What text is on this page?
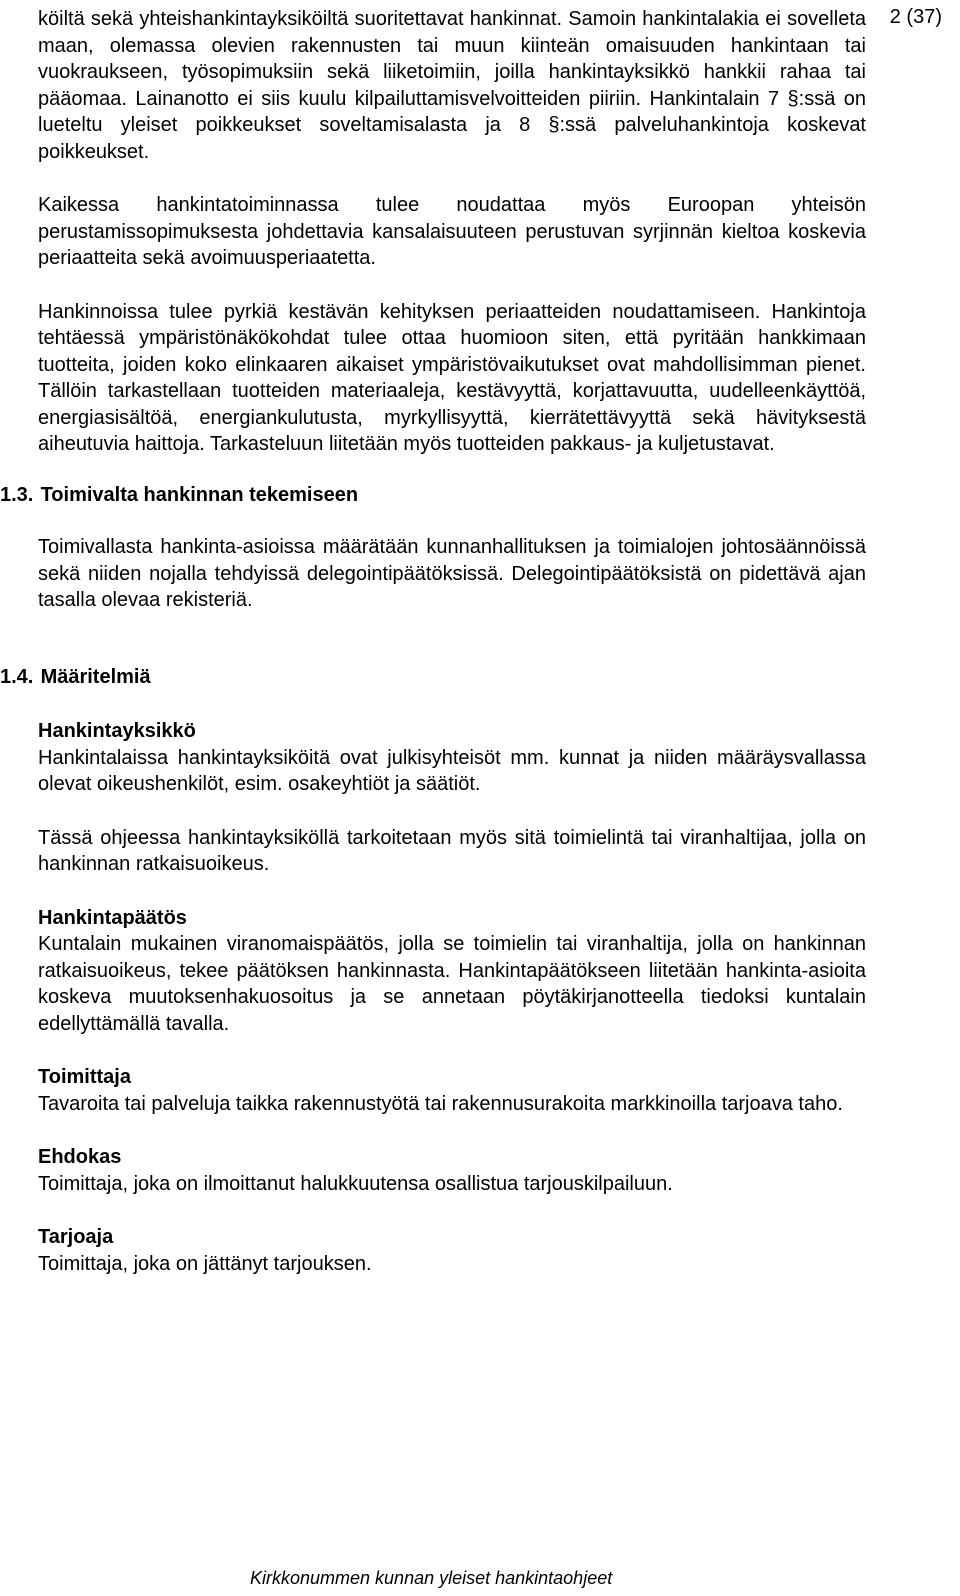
2 (37)

köiltä sekä yhteishankintayksiköiltä suoritettavat hankinnat. Samoin hankintalakia ei sovelleta maan, olemassa olevien rakennusten tai muun kiinteän omaisuuden hankintaan tai vuokraukseen, työsopimuksiin sekä liiketoimiin, joilla hankintayksikkö hankkii rahaa tai pääomaa. Lainanotto ei siis kuulu kilpailuttamisvelvoitteiden piiriin. Hankintalain 7 §:ssä on lueteltu yleiset poikkeukset soveltamisalasta ja 8 §:ssä palveluhankintoja koskevat poikkeukset.

Kaikessa hankintatoiminnassa tulee noudattaa myös Euroopan yhteisön perustamissopimuksesta johdettavia kansalaisuuteen perustuvan syrjinnän kieltoa koskevia periaatteita sekä avoimuusperiaatetta.

Hankinnoissa tulee pyrkiä kestävän kehityksen periaatteiden noudattamiseen. Hankintoja tehtäessä ympäristönäkökohdat tulee ottaa huomioon siten, että pyritään hankkimaan tuotteita, joiden koko elinkaaren aikaiset ympäristövaikutukset ovat mahdollisimman pienet. Tällöin tarkastellaan tuotteiden materiaaleja, kestävyyttä, korjattavuutta, uudelleenkäyttöä, energiasisältöä, energiankulutusta, myrkyllisyyttä, kierrätettävyyttä sekä hävityksestä aiheutuvia haittoja. Tarkasteluun liitetään myös tuotteiden pakkaus- ja kuljetustavat.

1.3. Toimivalta hankinnan tekemiseen

Toimivallasta hankinta-asioissa määrätään kunnanhallituksen ja toimialojen johtosäännöissä sekä niiden nojalla tehdyissä delegointipäätöksissä. Delegointipäätöksistä on pidettävä ajan tasalla olevaa rekisteriä.

1.4. Määritelmiä

Hankintayksikkö

Hankintalaissa hankintayksiköitä ovat julkisyhteisöt mm. kunnat ja niiden määräysvallassa olevat oikeushenkilöt, esim. osakeyhtiöt ja säätiöt.

Tässä ohjeessa hankintayksiköllä tarkoitetaan myös sitä toimielintä tai viranhaltijaa, jolla on hankinnan ratkaisuoikeus.

Hankintapäätös

Kuntalain mukainen viranomaispäätös, jolla se toimielin tai viranhaltija, jolla on hankinnan ratkaisuoikeus, tekee päätöksen hankinnasta. Hankintapäätökseen liitetään hankinta-asioita koskeva muutoksenhakuosoitus ja se annetaan pöytäkirjanotteella tiedoksi kuntalain edellyttämällä tavalla.

Toimittaja

Tavaroita tai palveluja taikka rakennustyötä tai rakennusurakoita markkinoilla tarjoava taho.

Ehdokas

Toimittaja, joka on ilmoittanut halukkuutensa osallistua tarjouskilpailuun.

Tarjoaja

Toimittaja, joka on jättänyt tarjouksen.

Kirkkonummen kunnan yleiset hankintaohjeet
